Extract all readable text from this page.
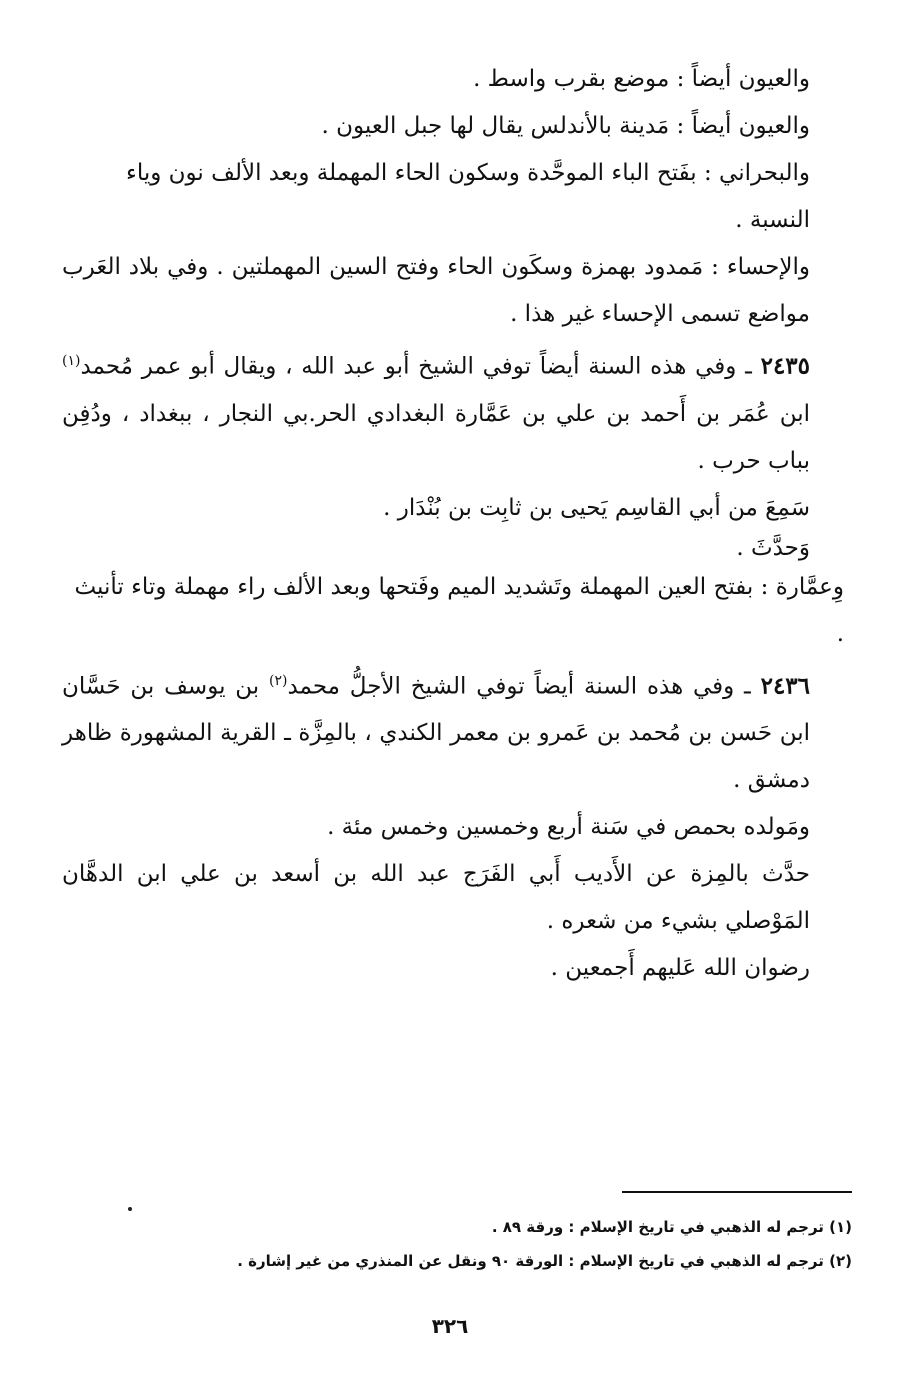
والعيون أيضاً : موضع بقرب واسط .

والعيون أيضاً : مَدينة بالأندلس يقال لها جبل العيون .

والبحراني : بفَتح الباء الموحَّدة وسكون الحاء المهملة وبعد الألف نون وياء النسبة .

والإحساء : مَمدود بهمزة وسكَون الحاء وفتح السين المهملتين . وفي بلاد العَرب مواضع تسمى الإحساء غير هذا .

٢٤٣٥ ـ وفي هذه السنة أيضاً توفي الشيخ أبو عبد الله ، ويقال أبو عمر مُحمد$^{(١)}$ ابن عُمَر بن أَحمد بن علي بن عَمَّارة البغدادي الحر.بي النجار ، ببغداد ، ودُفِن بباب حرب .

سَمِعَ من أبي القاسِم يَحيى بن ثابِت بن بُنْدَار .

وَحدَّثَ .

وِعمَّارة : بفتح العين المهملة وتَشديد الميم وفَتحها وبعد الألف راء مهملة وتاء تأنيث .

٢٤٣٦ ـ وفي هذه السنة أيضاً توفي الشيخ الأجلُّ محمد$^{(٢)}$ بن يوسف بن حَسَّان ابن حَسن بن مُحمد بن عَمرو بن معمر الكندي ، بالمِزَّة ـ القرية المشهورة ظاهر دمشق .

ومَولده بحمص في سَنة أربع وخمسين وخمس مئة .

حدَّث بالمِزة عن الأَديب أَبي الفَرَج عبد الله بن أسعد بن علي ابن الدهَّان المَوْصلي بشيء من شعره .

رضوان الله عَليهم أَجمعين .

(١) ترجم له الذهبي في تاريخ الإسلام : ورقة ٨٩ .

(٢) ترجم له الذهبي في تاريخ الإسلام : الورقة ٩٠ ونقل عن المنذري من غير إشارة .

٣٢٦
